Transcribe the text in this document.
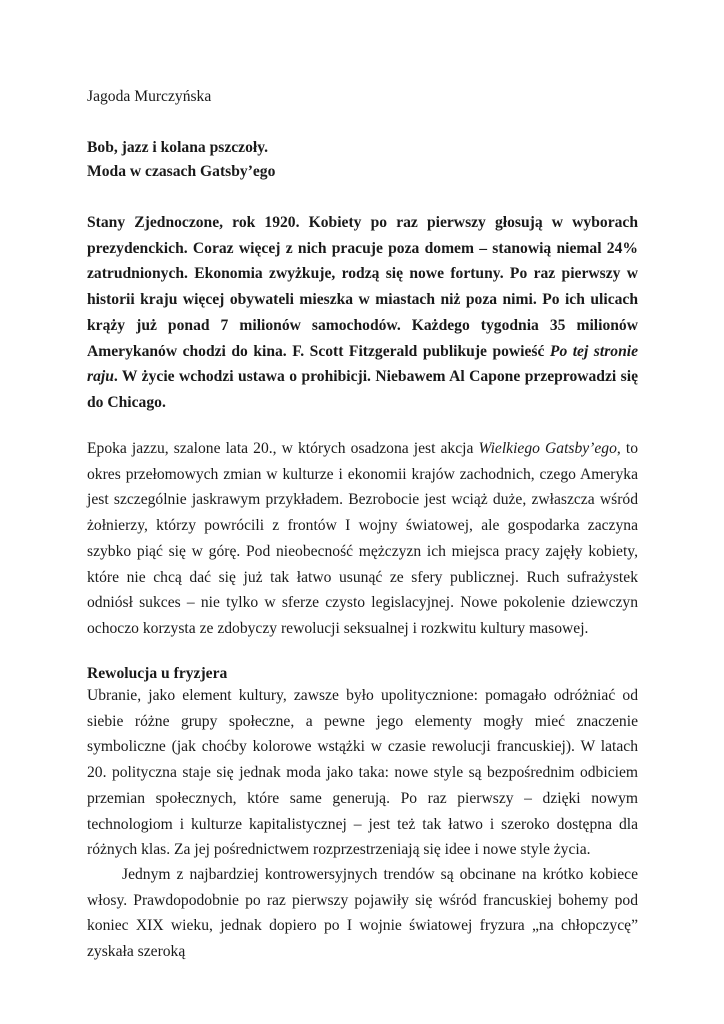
Jagoda Murczyńska

Bob, jazz i kolana pszczoły.
Moda w czasach Gatsby’ego

Stany Zjednoczone, rok 1920. Kobiety po raz pierwszy głosują w wyborach prezydenckich. Coraz więcej z nich pracuje poza domem – stanowią niemal 24% zatrudnionych. Ekonomia zwyżkuje, rodzą się nowe fortuny. Po raz pierwszy w historii kraju więcej obywateli mieszka w miastach niż poza nimi. Po ich ulicach krąży już ponad 7 milionów samochodów. Każdego tygodnia 35 milionów Amerykanów chodzi do kina. F. Scott Fitzgerald publikuje powieść Po tej stronie raju. W życie wchodzi ustawa o prohibicji. Niebawem Al Capone przeprowadzi się do Chicago.

Epoka jazzu, szalone lata 20., w których osadzona jest akcja Wielkiego Gatsby’ego, to okres przełomowych zmian w kulturze i ekonomii krajów zachodnich, czego Ameryka jest szczególnie jaskrawym przykładem. Bezrobocie jest wciąż duże, zwłaszcza wśród żołnierzy, którzy powrócili z frontów I wojny światowej, ale gospodarka zaczyna szybko piąć się w górę. Pod nieobecność mężczyzn ich miejsca pracy zajęły kobiety, które nie chcą dać się już tak łatwo usunąć ze sfery publicznej. Ruch sufrażystek odniósł sukces – nie tylko w sferze czysto legislacyjnej. Nowe pokolenie dziewczyn ochoczo korzysta ze zdobyczy rewolucji seksualnej i rozkwitu kultury masowej.

Rewolucja u fryzjera

Ubranie, jako element kultury, zawsze było upolitycznione: pomagało odróżniać od siebie różne grupy społeczne, a pewne jego elementy mogły mieć znaczenie symboliczne (jak choćby kolorowe wstążki w czasie rewolucji francuskiej). W latach 20. polityczna staje się jednak moda jako taka: nowe style są bezpośrednim odbiciem przemian społecznych, które same generują. Po raz pierwszy – dzięki nowym technologiom i kulturze kapitalistycznej – jest też tak łatwo i szeroko dostępna dla różnych klas. Za jej pośrednictwem rozprzestrzeniają się idee i nowe style życia.

Jednym z najbardziej kontrowersyjnych trendów są obcinane na krótko kobiece włosy. Prawdopodobnie po raz pierwszy pojawiły się wśród francuskiej bohemy pod koniec XIX wieku, jednak dopiero po I wojnie światowej fryzura „na chłopczycę” zyskała szeroką
